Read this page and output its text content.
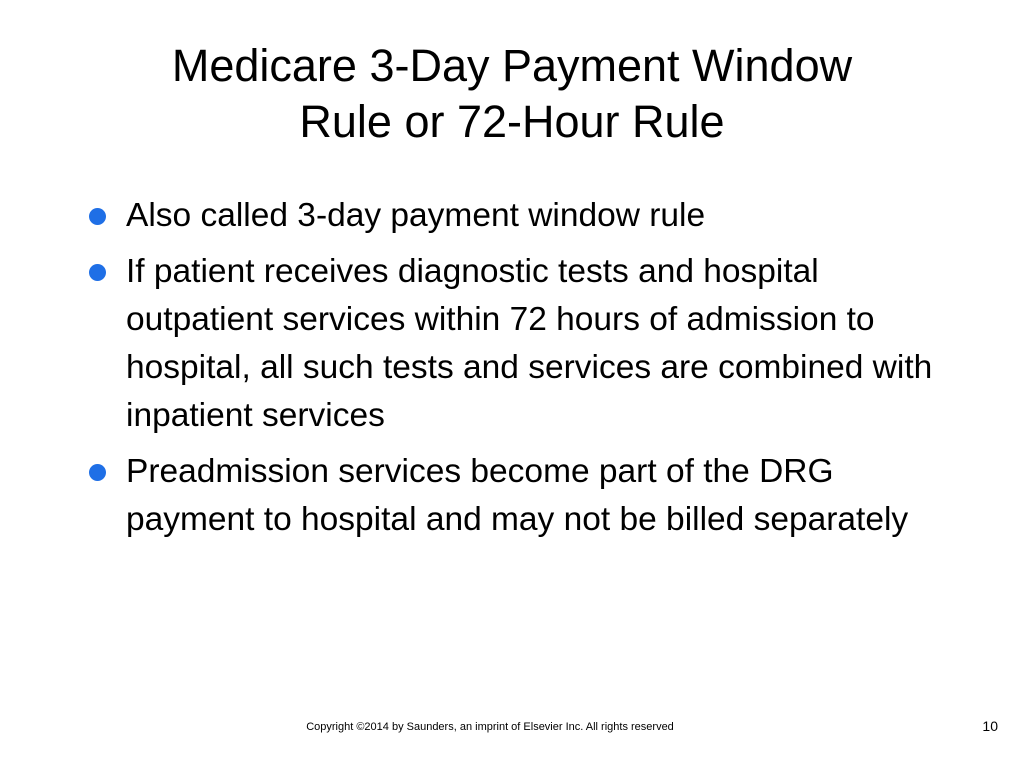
Medicare 3-Day Payment Window
Rule or 72-Hour Rule
Also called 3-day payment window rule
If patient receives diagnostic tests and hospital outpatient services within 72 hours of admission to hospital, all such tests and services are combined with inpatient services
Preadmission services become part of the DRG payment to hospital and may not be billed separately
Copyright ©2014 by Saunders, an imprint of Elsevier Inc. All rights reserved	10
